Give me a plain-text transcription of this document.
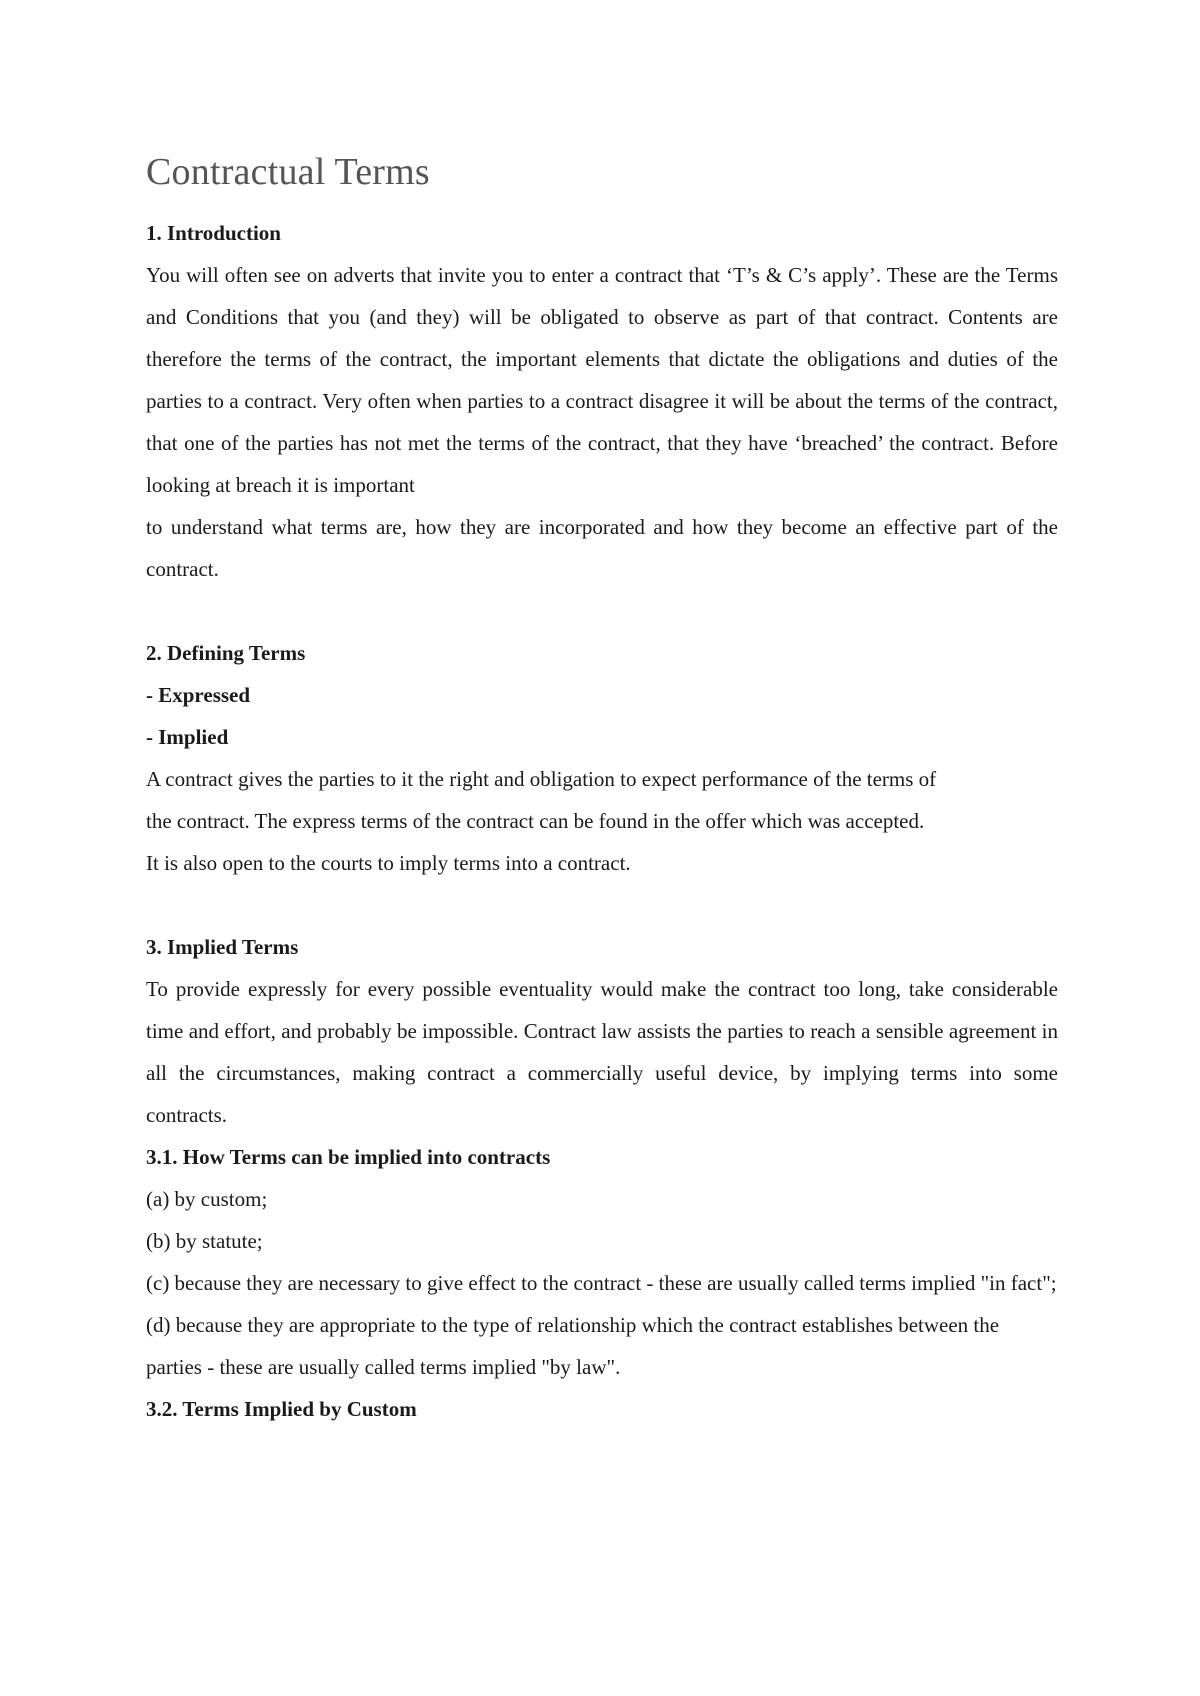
Contractual Terms

1. Introduction

You will often see on adverts that invite you to enter a contract that ‘T’s & C’s apply’. These are the Terms and Conditions that you (and they) will be obligated to observe as part of that contract. Contents are therefore the terms of the contract, the important elements that dictate the obligations and duties of the parties to a contract. Very often when parties to a contract disagree it will be about the terms of the contract, that one of the parties has not met the terms of the contract, that they have ‘breached’ the contract. Before looking at breach it is important

to understand what terms are, how they are incorporated and how they become an effective part of the contract.

2. Defining Terms

- Expressed

- Implied

A contract gives the parties to it the right and obligation to expect performance of the terms of

the contract. The express terms of the contract can be found in the offer which was accepted.

It is also open to the courts to imply terms into a contract.

3. Implied Terms

To provide expressly for every possible eventuality would make the contract too long, take considerable time and effort, and probably be impossible. Contract law assists the parties to reach a sensible agreement in all the circumstances, making contract a commercially useful device, by implying terms into some contracts.

3.1. How Terms can be implied into contracts

(a) by custom;

(b) by statute;

(c) because they are necessary to give effect to the contract - these are usually called terms implied "in fact";

(d) because they are appropriate to the type of relationship which the contract establishes between the parties - these are usually called terms implied "by law".

3.2. Terms Implied by Custom
